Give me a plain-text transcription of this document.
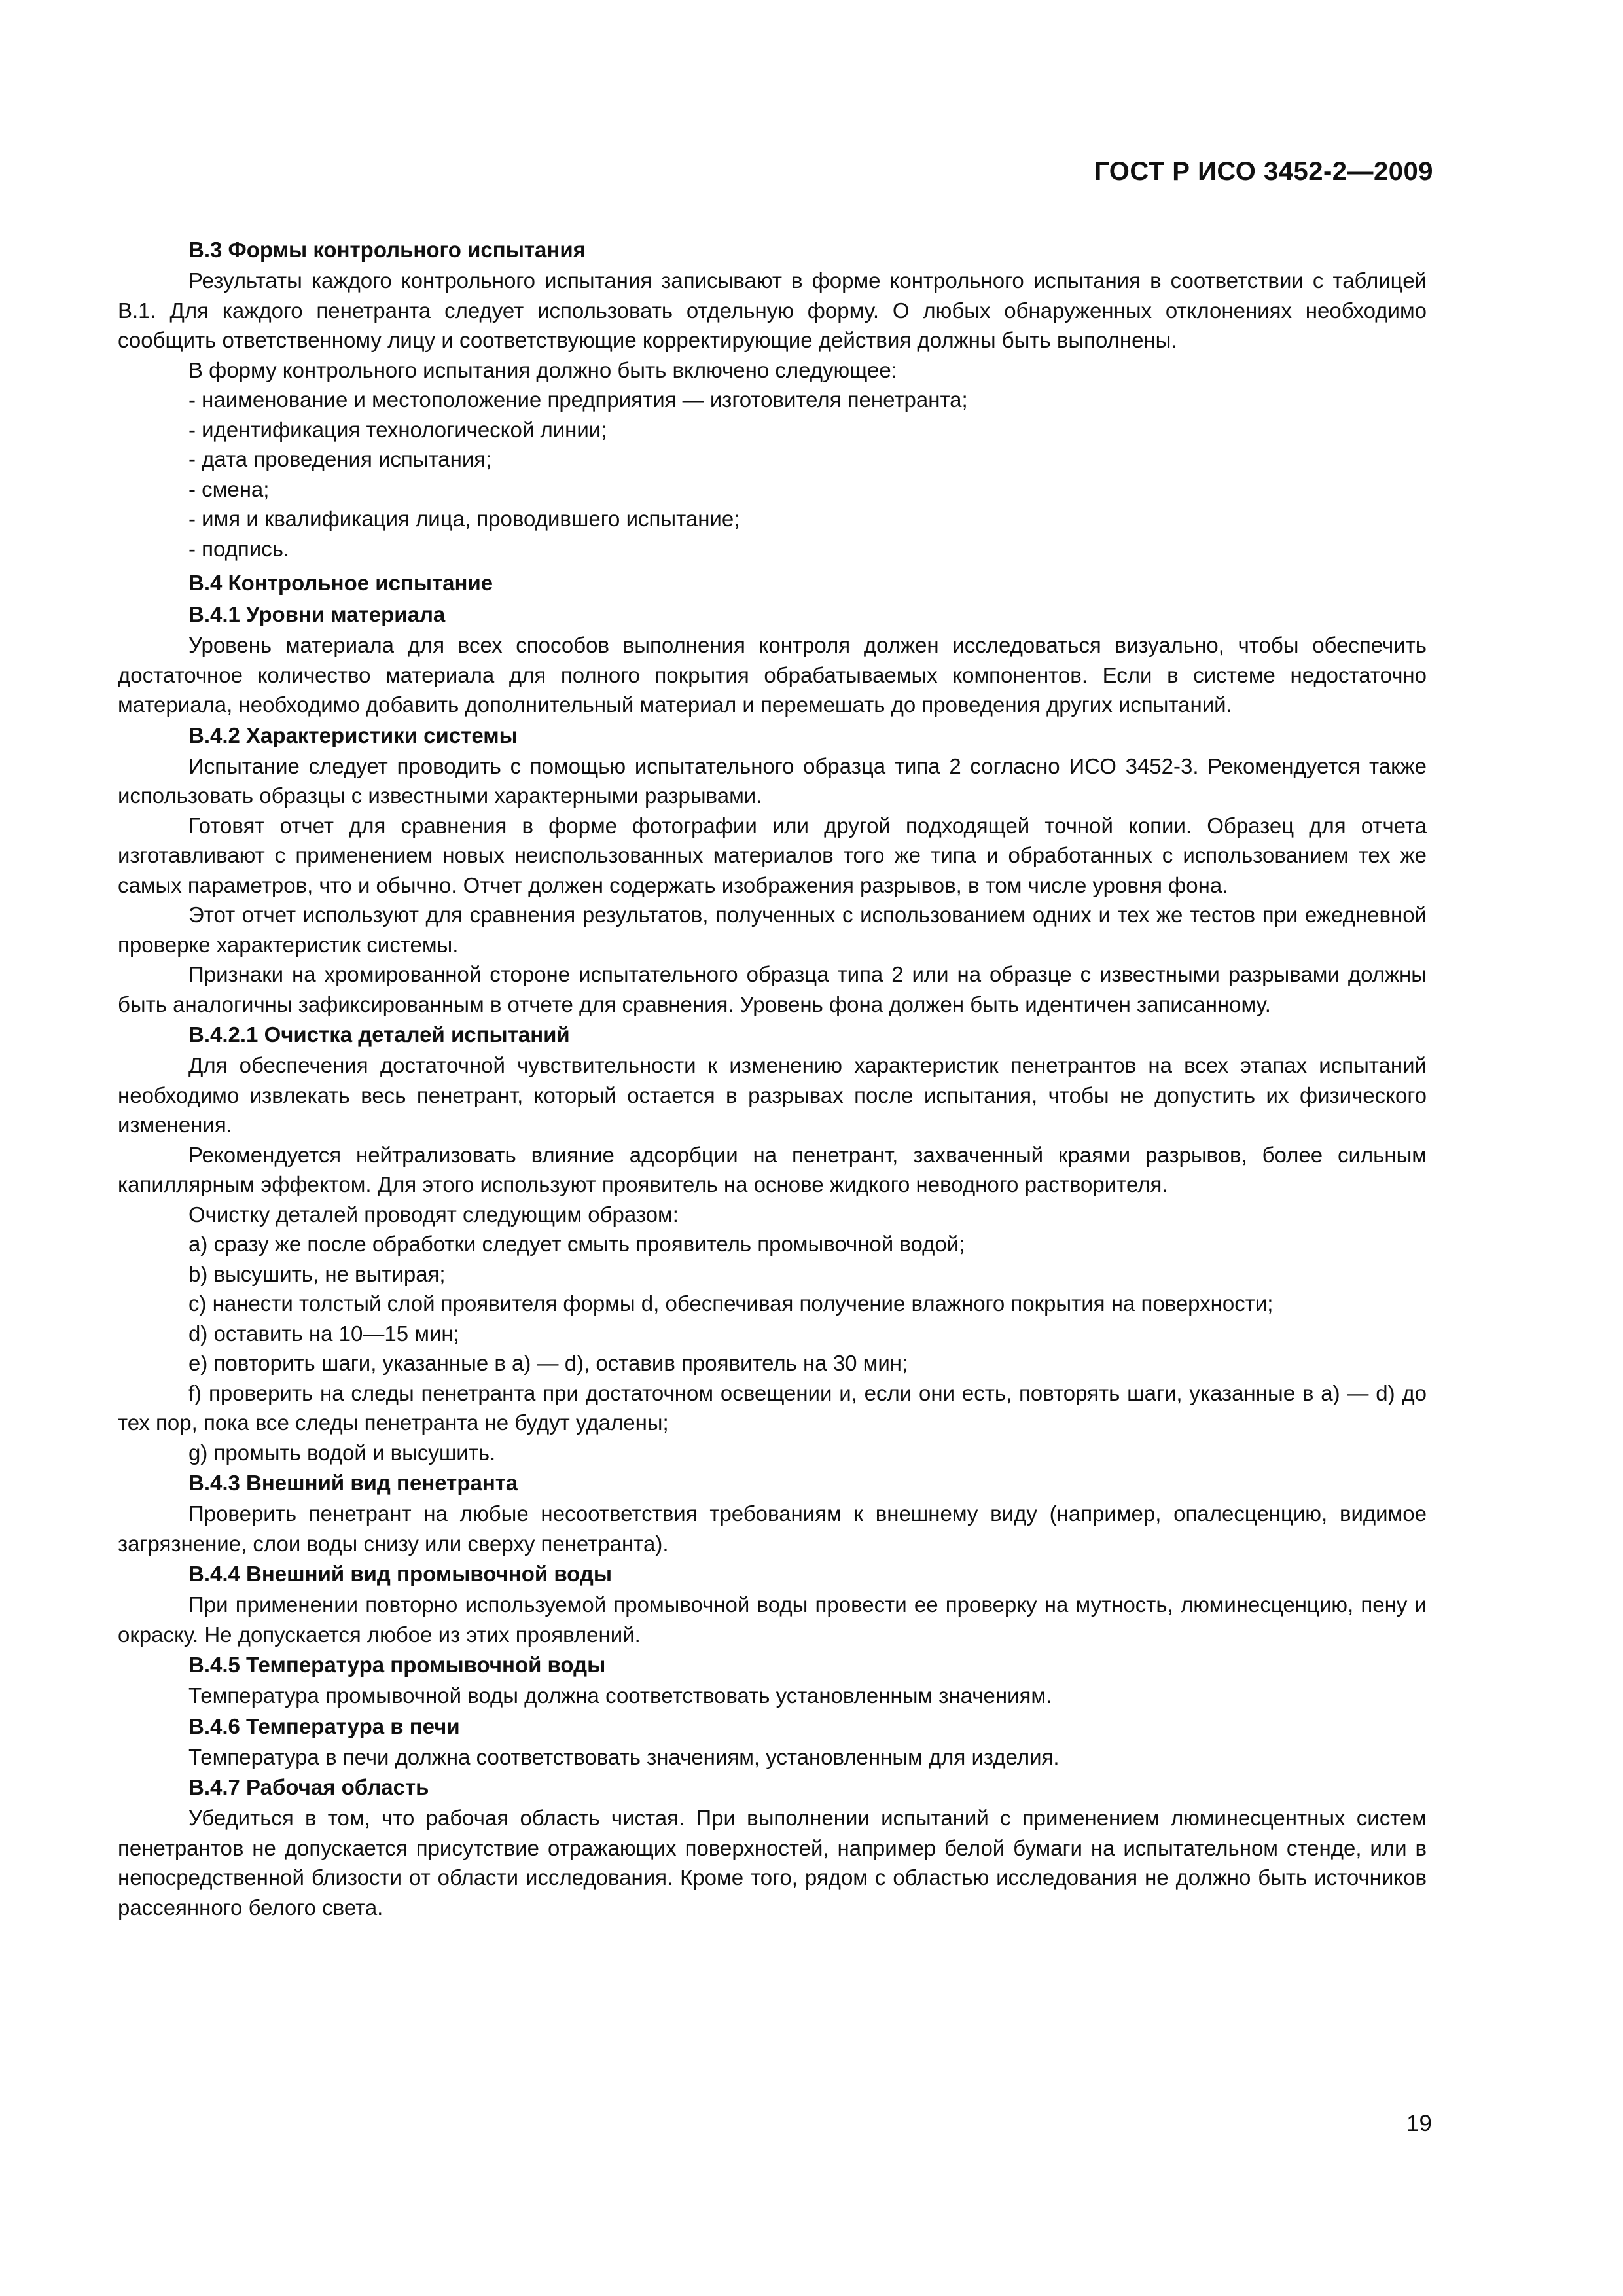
ГОСТ Р ИСО 3452-2—2009
В.3 Формы контрольного испытания

Результаты каждого контрольного испытания записывают в форме контрольного испытания в соответствии с таблицей В.1. Для каждого пенетранта следует использовать отдельную форму. О любых обнаруженных отклонениях необходимо сообщить ответственному лицу и соответствующие корректирующие действия должны быть выполнены.

В форму контрольного испытания должно быть включено следующее:

- наименование и местоположение предприятия — изготовителя пенетранта;
- идентификация технологической линии;
- дата проведения испытания;
- смена;
- имя и квалификация лица, проводившего испытание;
- подпись.
В.4 Контрольное испытание
В.4.1 Уровни материала

Уровень материала для всех способов выполнения контроля должен исследоваться визуально, чтобы обеспечить достаточное количество материала для полного покрытия обрабатываемых компонентов. Если в системе недостаточно материала, необходимо добавить дополнительный материал и перемешать до проведения других испытаний.

В.4.2 Характеристики системы

Испытание следует проводить с помощью испытательного образца типа 2 согласно ИСО 3452-3. Рекомендуется также использовать образцы с известными характерными разрывами.

Готовят отчет для сравнения в форме фотографии или другой подходящей точной копии. Образец для отчета изготавливают с применением новых неиспользованных материалов того же типа и обработанных с использованием тех же самых параметров, что и обычно. Отчет должен содержать изображения разрывов, в том числе уровня фона.

Этот отчет используют для сравнения результатов, полученных с использованием одних и тех же тестов при ежедневной проверке характеристик системы.

Признаки на хромированной стороне испытательного образца типа 2 или на образце с известными разрывами должны быть аналогичны зафиксированным в отчете для сравнения. Уровень фона должен быть идентичен записанному.

В.4.2.1 Очистка деталей испытаний

Для обеспечения достаточной чувствительности к изменению характеристик пенетрантов на всех этапах испытаний необходимо извлекать весь пенетрант, который остается в разрывах после испытания, чтобы не допустить их физического изменения.

Рекомендуется нейтрализовать влияние адсорбции на пенетрант, захваченный краями разрывов, более сильным капиллярным эффектом. Для этого используют проявитель на основе жидкого неводного растворителя.

Очистку деталей проводят следующим образом:

a) сразу же после обработки следует смыть проявитель промывочной водой;
b) высушить, не вытирая;
c) нанести толстый слой проявителя формы d, обеспечивая получение влажного покрытия на поверхности;
d) оставить на 10—15 мин;
e) повторить шаги, указанные в a) — d), оставив проявитель на 30 мин;
f) проверить на следы пенетранта при достаточном освещении и, если они есть, повторять шаги, указанные в a) — d) до тех пор, пока все следы пенетранта не будут удалены;
g) промыть водой и высушить.
В.4.3 Внешний вид пенетранта

Проверить пенетрант на любые несоответствия требованиям к внешнему виду (например, опалесценцию, видимое загрязнение, слои воды снизу или сверху пенетранта).

В.4.4 Внешний вид промывочной воды

При применении повторно используемой промывочной воды провести ее проверку на мутность, люминесценцию, пену и окраску. Не допускается любое из этих проявлений.

В.4.5 Температура промывочной воды

Температура промывочной воды должна соответствовать установленным значениям.

В.4.6 Температура в печи

Температура в печи должна соответствовать значениям, установленным для изделия.

В.4.7 Рабочая область

Убедиться в том, что рабочая область чистая. При выполнении испытаний с применением люминесцентных систем пенетрантов не допускается присутствие отражающих поверхностей, например белой бумаги на испытательном стенде, или в непосредственной близости от области исследования. Кроме того, рядом с областью исследования не должно быть источников рассеянного белого света.

19
